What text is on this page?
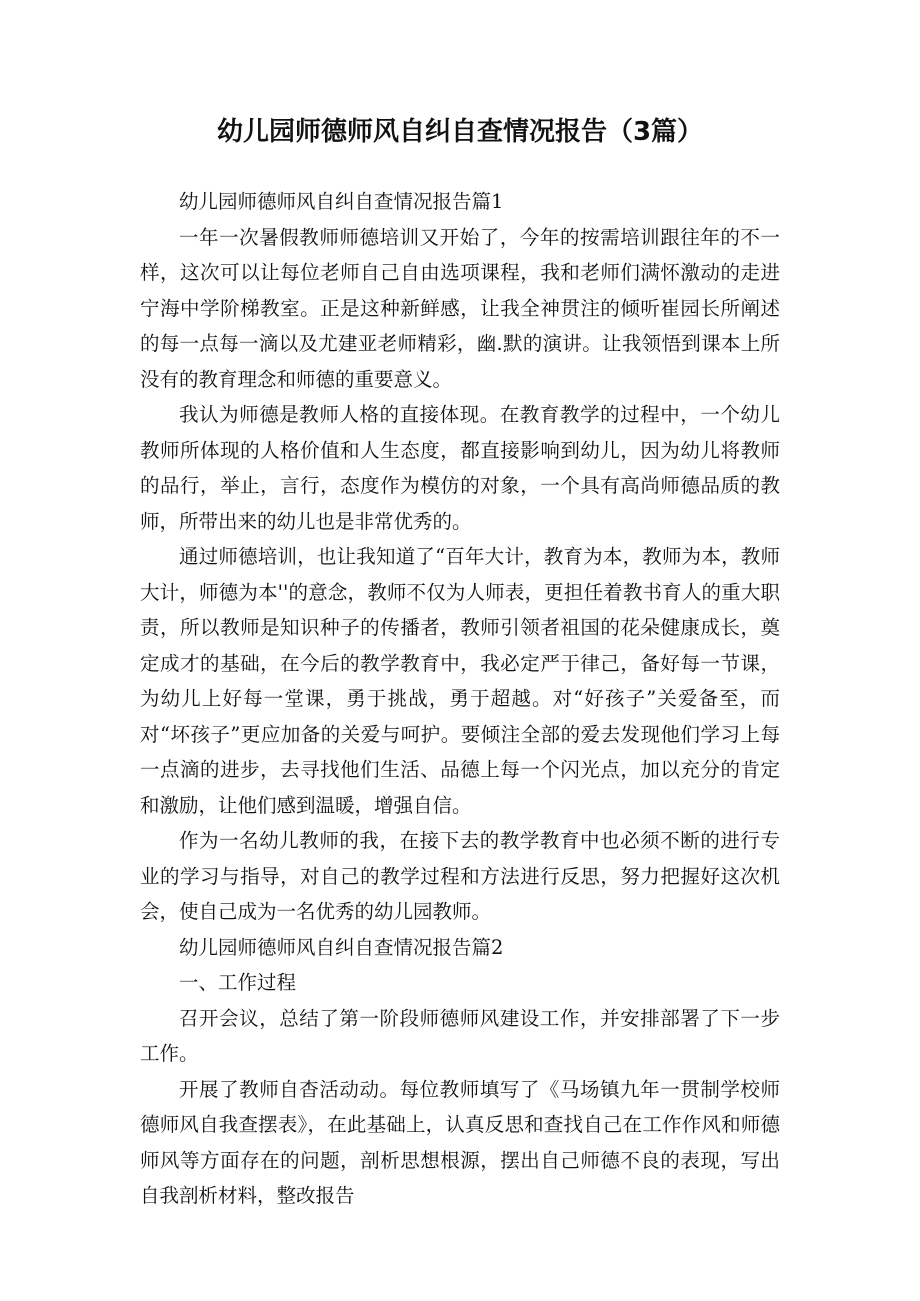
幼儿园师德师风自纠自查情况报告（3篇）

幼儿园师德师风自纠自查情况报告篇1

一年一次暑假教师师德培训又开始了，今年的按需培训跟往年的不一样，这次可以让每位老师自己自由选项课程，我和老师们满怀激动的走进宁海中学阶梯教室。正是这种新鲜感，让我全神贯注的倾听崔园长所阐述的每一点每一滴以及尤建亚老师精彩，幽.默的演讲。让我领悟到课本上所没有的教育理念和师德的重要意义。

我认为师德是教师人格的直接体现。在教育教学的过程中，一个幼儿教师所体现的人格价值和人生态度，都直接影响到幼儿，因为幼儿将教师的品行，举止，言行，态度作为模仿的对象，一个具有高尚师德品质的教师，所带出来的幼儿也是非常优秀的。

通过师德培训，也让我知道了“百年大计，教育为本，教师为本，教师大计，师德为本''的意念，教师不仅为人师表，更担任着教书育人的重大职责，所以教师是知识种子的传播者，教师引领者祖国的花朵健康成长，奠定成才的基础，在今后的教学教育中，我必定严于律己，备好每一节课，为幼儿上好每一堂课，勇于挑战，勇于超越。对“好孩子”关爱备至，而对“坏孩子”更应加备的关爱与呵护。要倾注全部的爱去发现他们学习上每一点滴的进步，去寻找他们生活、品德上每一个闪光点，加以充分的肯定和激励，让他们感到温暖，增强自信。

作为一名幼儿教师的我，在接下去的教学教育中也必须不断的进行专业的学习与指导，对自己的教学过程和方法进行反思，努力把握好这次机会，使自己成为一名优秀的幼儿园教师。

幼儿园师德师风自纠自查情况报告篇2

一、工作过程

召开会议，总结了第一阶段师德师风建设工作，并安排部署了下一步工作。

开展了教师自杳活动动。每位教师填写了《马场镇九年一贯制学校师德师风自我查摆表》，在此基础上，认真反思和查找自己在工作作风和师德师风等方面存在的问题，剖析思想根源，摆出自己师德不良的表现，写出自我剖析材料，整改报告
